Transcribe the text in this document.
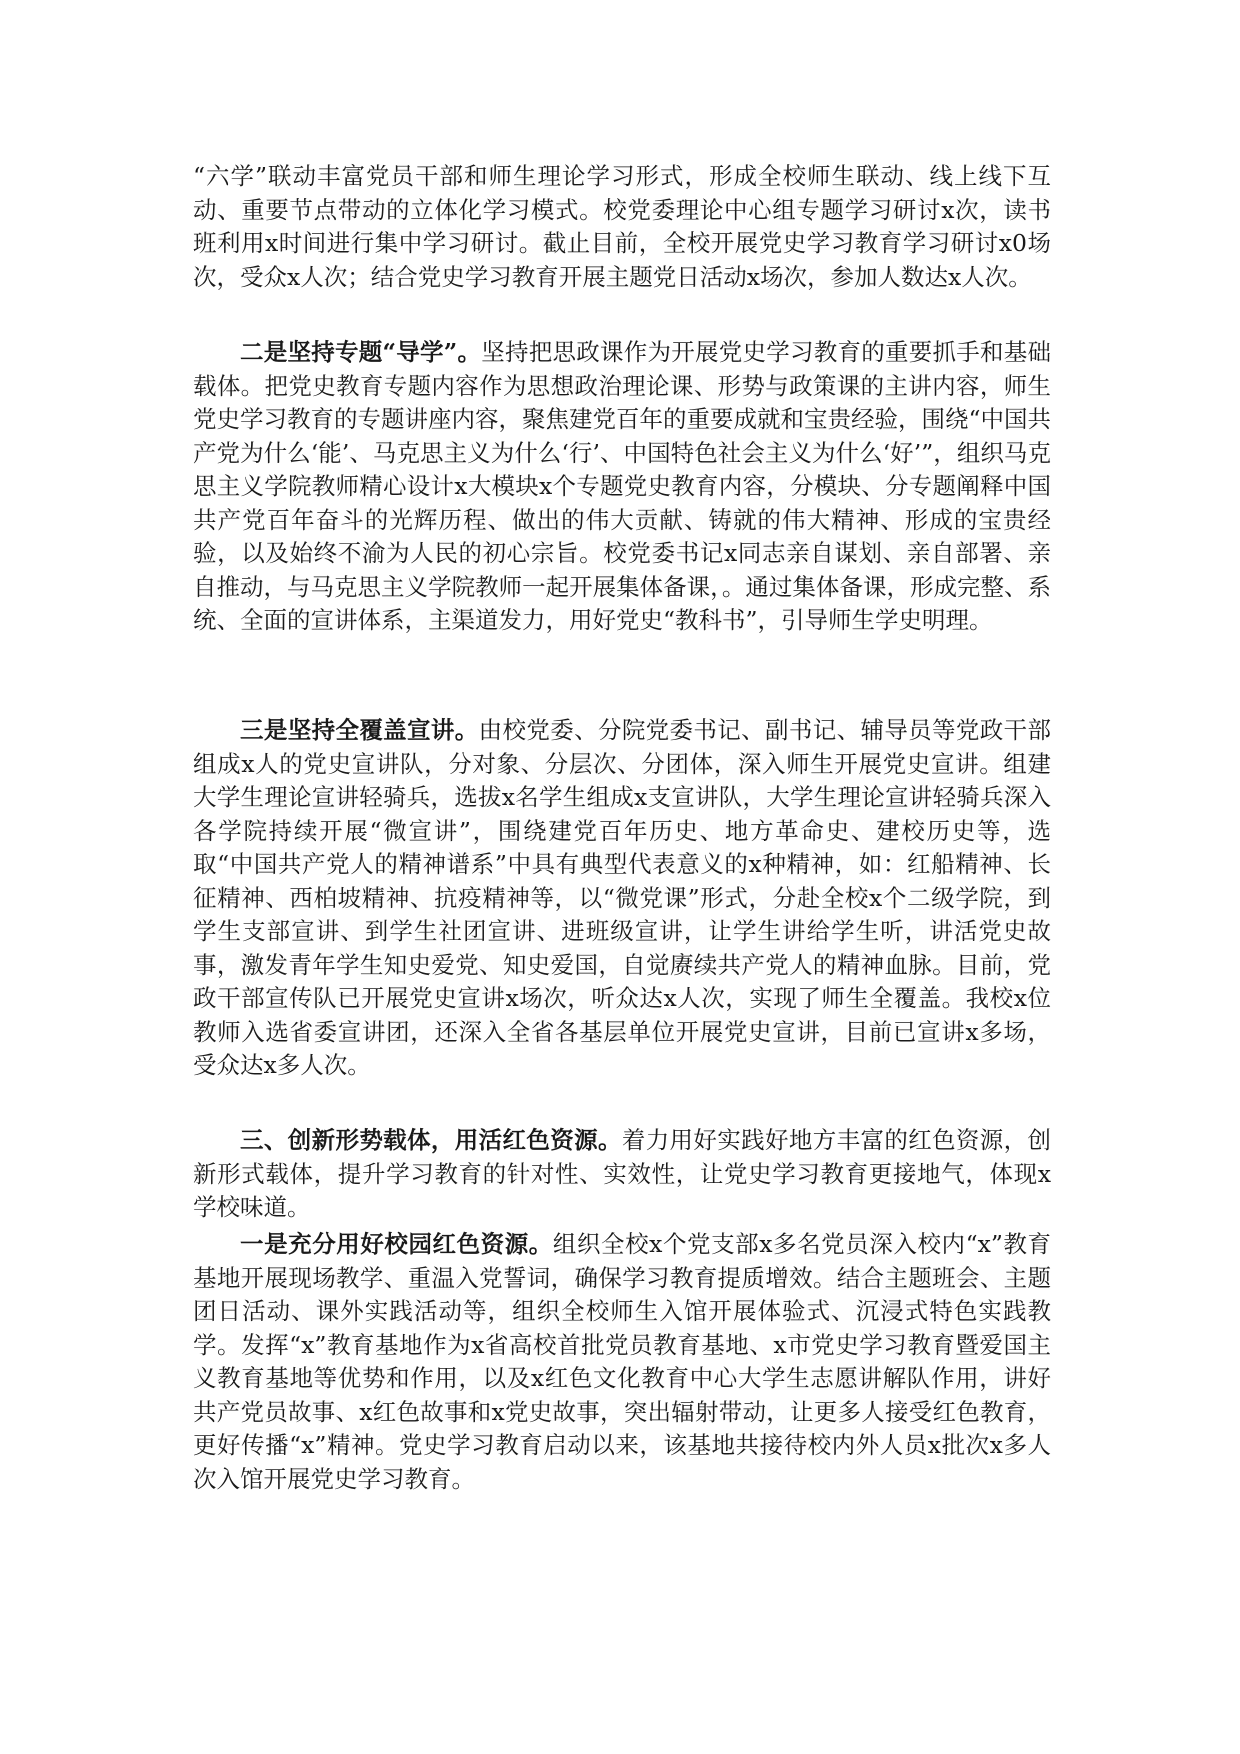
“六学”联动丰富党员干部和师生理论学习形式，形成全校师生联动、线上线下互动、重要节点带动的立体化学习模式。校党委理论中心组专题学习研讨x次，读书班利用x时间进行集中学习研讨。截止目前，全校开展党史学习教育学习研讨x0场次，受众x人次；结合党史学习教育开展主题党日活动x场次，参加人数达x人次。

二是坚持专题“导学”。坚持把思政课作为开展党史学习教育的重要抓手和基础载体。把党史教育专题内容作为思想政治理论课、形势与政策课的主讲内容，师生党史学习教育的专题讲座内容，聚焦建党百年的重要成就和宝贵经验，围绕“中国共产党为什么‘能’、马克思主义为什么‘行’、中国特色社会主义为什么‘好’”，组织马克思主义学院教师精心设计x大模块x个专题党史教育内容，分模块、分专题阐释中国共产党百年奋斗的光辉历程、做出的伟大贡献、铸就的伟大精神、形成的宝贵经验，以及始终不渝为人民的初心宗旨。校党委书记x同志亲自谋划、亲自部署、亲自推动，与马克思主义学院教师一起开展集体备课，。通过集体备课，形成完整、系统、全面的宣讲体系，主渠道发力，用好党史“教科书”，引导师生学史明理。

三是坚持全覆盖宣讲。由校党委、分院党委书记、副书记、辅导员等党政干部组成x人的党史宣讲队，分对象、分层次、分团体，深入师生开展党史宣讲。组建大学生理论宣讲轻骑兵，选拔x名学生组成x支宣讲队，大学生理论宣讲轻骑兵深入各学院持续开展“微宣讲”，围绕建党百年历史、地方革命史、建校历史等，选取“中国共产党人的精神谱系”中具有典型代表意义的x种精神，如：红船精神、长征精神、西柏坡精神、抗疫精神等，以“微党课”形式，分赴全校x个二级学院，到学生支部宣讲、到学生社团宣讲、进班级宣讲，让学生讲给学生听，讲活党史故事，激发青年学生知史爱党、知史爱国，自觉赓续共产党人的精神血脉。目前，党政干部宣传队已开展党史宣讲x场次，听众达x人次，实现了师生全覆盖。我校x位教师入选省委宣讲团，还深入全省各基层单位开展党史宣讲，目前已宣讲x多场，受众达x多人次。

三、创新形势载体，用活红色资源。着力用好实践好地方丰富的红色资源，创新形式载体，提升学习教育的针对性、实效性，让党史学习教育更接地气，体现x学校味道。

一是充分用好校园红色资源。组织全校x个党支部x多名党员深入校内“x”教育基地开展现场教学、重温入党誓词，确保学习教育提质增效。结合主题班会、主题团日活动、课外实践活动等，组织全校师生入馆开展体验式、沉浸式特色实践教学。发挥“x”教育基地作为x省高校首批党员教育基地、x市党史学习教育暨爱国主义教育基地等优势和作用，以及x红色文化教育中心大学生志愿讲解队作用，讲好共产党员故事、x红色故事和x党史故事，突出辐射带动，让更多人接受红色教育，更好传播“x”精神。党史学习教育启动以来，该基地共接待校内外人员x批次x多人次入馆开展党史学习教育。
